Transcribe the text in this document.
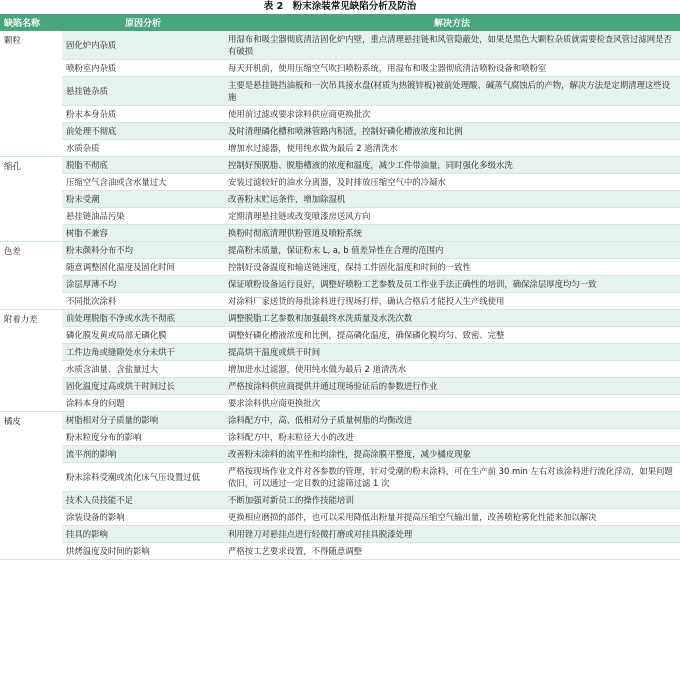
表 2　粉末涂装常见缺陷分析及防治
缺陷名称	原因分析	解决方法
颗粒	固化炉内杂质	用湿布和吸尘器彻底清洁固化炉内壁，重点清理悬挂链和风管隐蔽处，如果是黑色大颗粒杂质就需要检查风管过滤网是否有破损
	喷粉室内杂质	每天开机前，使用压缩空气吹扫喷粉系统，用湿布和吸尘器彻底清洁喷粉设备和喷粉室
	悬挂链杂质	主要是悬挂链挡油板和一次吊具接水盘(材质为热镀锌板)被前处理酸、碱蒸气腐蚀后的产物，解决方法是定期清理这些设施
	粉末本身杂质	使用前过滤或要求涂料供应商更换批次
	前处理不彻底	及时清理磷化槽和喷淋管路内积渣，控制好磷化槽液浓度和比例
	水质杂质	增加水过滤器，使用纯水做为最后 2 道清洗水
缩孔	脱脂不彻底	控制好预脱脂、脱脂槽液的浓度和温度，减少工件带油量，同时强化多级水洗
	压缩空气含油或含水量过大	安装过滤较好的油水分离器，及时排放压缩空气中的冷凝水
	粉末受潮	改善粉末贮运条件，增加除湿机
	悬挂链油品污染	定期清理悬挂链或改变喷漆房送风方向
	树脂不兼容	换粉时彻底清理供粉管道及喷粉系统
色差	粉末颜料分布不均	提高粉末质量，保证粉末 L, a, b 值差异性在合理的范围内
	随意调整固化温度及固化时间	控制好设备温度和输送链速度，保持工件固化温度和时间的一致性
	涂层厚薄不均	保证喷粉设备运行良好，调整好喷粉工艺参数及员工作业手法正确性的培训，确保涂层厚度均匀一致
	不同批次涂料	对涂料厂家送货的每批涂料进行现场打样，确认合格后才能投入生产线使用
附着力差	前处理脱脂不净或水洗不彻底	调整脱脂工艺参数和加强最终水洗质量及水洗次数
	磷化膜发黄或局部无磷化膜	调整好磷化槽液浓度和比例，提高磷化温度，确保磷化膜均匀、致密、完整
	工件边角或缝隙处水分未烘干	提高烘干温度或烘干时间
	水质含油量、含盐量过大	增加进水过滤器，使用纯水做为最后 2 道清洗水
	固化温度过高或烘干时间过长	严格按涂料供应商提供并通过现场验证后的参数进行作业
	涂料本身的问题	要求涂料供应商更换批次
橘皮	树脂相对分子质量的影响	涂料配方中，高、低相对分子质量树脂的均衡改进
	粉末粒度分布的影响	涂料配方中，粉末粒径大小的改进
	流平剂的影响	改善粉末涂料的流平性和均涂性，提高涂膜平整度，减少橘皮现象
	粉末涂料受潮或流化床气压设置过低	严格按现场作业文件对各参数的管理，针对受潮的粉末涂料，可在生产前 30 min 左右对该涂料进行流化浮动，如果问题依旧，可以通过一定目数的过滤筛过滤 1 次
	技术人员技能不足	不断加强对新员工的操作技能培训
	涂装设备的影响	更换相应磨损的部件，也可以采用降低出粉量并提高压缩空气输出量，改善喷枪雾化性能来加以解决
	挂具的影响	利用锉刀对悬挂点进行轻微打磨或对挂具脱漆处理
	烘烤温度及时间的影响	严格按工艺要求设置，不得随意调整
